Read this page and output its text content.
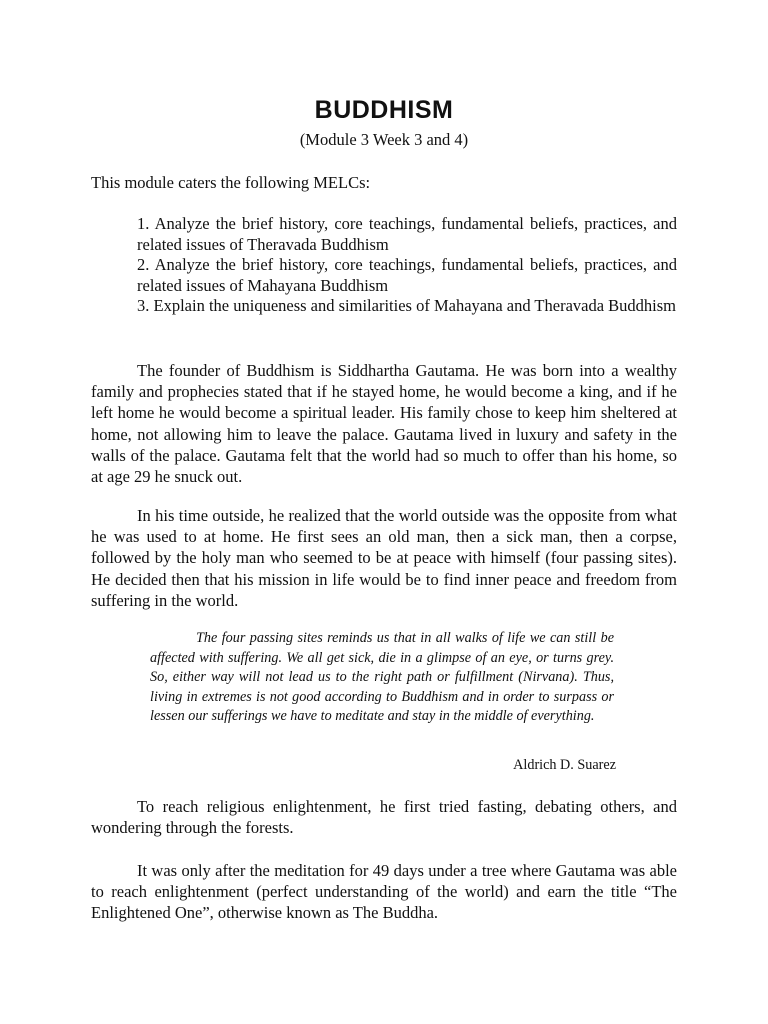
BUDDHISM

(Module 3 Week 3 and 4)

This module caters the following MELCs:

1. Analyze the brief history, core teachings, fundamental beliefs, practices, and related issues of Theravada Buddhism
2. Analyze the brief history, core teachings, fundamental beliefs, practices, and related issues of Mahayana Buddhism
3. Explain the uniqueness and similarities of Mahayana and Theravada Buddhism

The founder of Buddhism is Siddhartha Gautama. He was born into a wealthy family and prophecies stated that if he stayed home, he would become a king, and if he left home he would become a spiritual leader. His family chose to keep him sheltered at home, not allowing him to leave the palace. Gautama lived in luxury and safety in the walls of the palace. Gautama felt that the world had so much to offer than his home, so at age 29 he snuck out.

In his time outside, he realized that the world outside was the opposite from what he was used to at home. He first sees an old man, then a sick man, then a corpse, followed by the holy man who seemed to be at peace with himself (four passing sites). He decided then that his mission in life would be to find inner peace and freedom from suffering in the world.

The four passing sites reminds us that in all walks of life we can still be affected with suffering. We all get sick, die in a glimpse of an eye, or turns grey. So, either way will not lead us to the right path or fulfillment (Nirvana). Thus, living in extremes is not good according to Buddhism and in order to surpass or lessen our sufferings we have to meditate and stay in the middle of everything.

Aldrich D. Suarez

To reach religious enlightenment, he first tried fasting, debating others, and wondering through the forests.

It was only after the meditation for 49 days under a tree where Gautama was able to reach enlightenment (perfect understanding of the world) and earn the title “The Enlightened One”, otherwise known as The Buddha.
